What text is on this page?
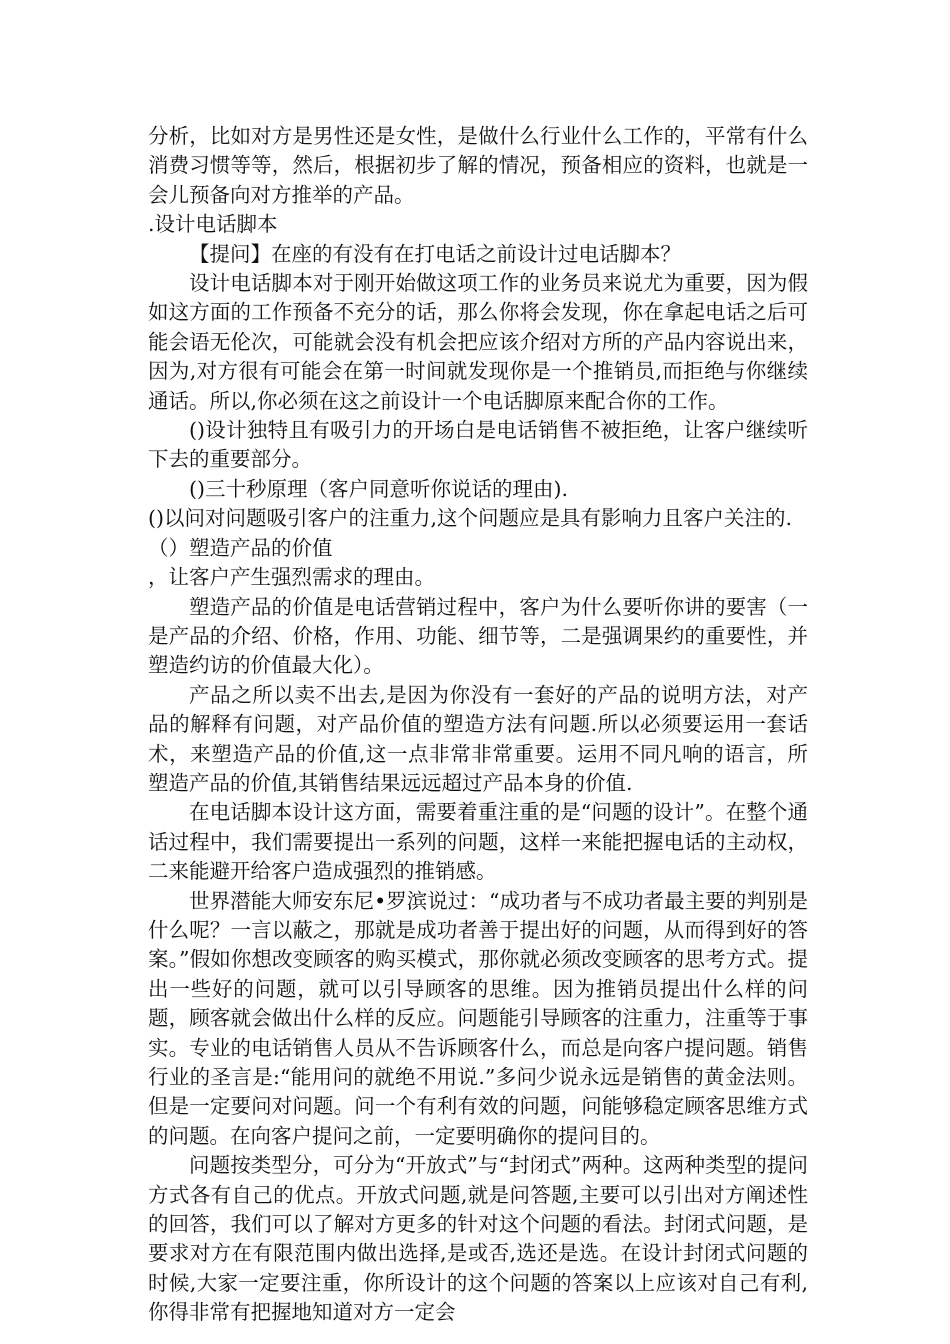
分析，比如对方是男性还是女性，是做什么行业什么工作的，平常有什么消费习惯等等，然后，根据初步了解的情况，预备相应的资料，也就是一会儿预备向对方推举的产品。

.设计电话脚本

【提问】在座的有没有在打电话之前设计过电话脚本？

设计电话脚本对于刚开始做这项工作的业务员来说尤为重要，因为假如这方面的工作预备不充分的话，那么你将会发现，你在拿起电话之后可能会语无伦次，可能就会没有机会把应该介绍对方所的产品内容说出来，因为,对方很有可能会在第一时间就发现你是一个推销员,而拒绝与你继续通话。所以,你必须在这之前设计一个电话脚原来配合你的工作。

()设计独特且有吸引力的开场白是电话销售不被拒绝，让客户继续听下去的重要部分。

()三十秒原理（客户同意听你说话的理由).

()以问对问题吸引客户的注重力,这个问题应是具有影响力且客户关注的.

（）塑造产品的价值

，让客户产生强烈需求的理由。

塑造产品的价值是电话营销过程中，客户为什么要听你讲的要害（一是产品的介绍、价格，作用、功能、细节等，二是强调果约的重要性，并塑造约访的价值最大化）。

产品之所以卖不出去,是因为你没有一套好的产品的说明方法，对产品的解释有问题，对产品价值的塑造方法有问题.所以必须要运用一套话术，来塑造产品的价值,这一点非常非常重要。运用不同凡响的语言，所塑造产品的价值,其销售结果远远超过产品本身的价值.

在电话脚本设计这方面，需要着重注重的是“问题的设计”。在整个通话过程中，我们需要提出一系列的问题，这样一来能把握电话的主动权，二来能避开给客户造成强烈的推销感。

世界潜能大师安东尼•罗滨说过：“成功者与不成功者最主要的判别是什么呢？一言以蔽之，那就是成功者善于提出好的问题，从而得到好的答案。”假如你想改变顾客的购买模式，那你就必须改变顾客的思考方式。提出一些好的问题，就可以引导顾客的思维。因为推销员提出什么样的问题，顾客就会做出什么样的反应。问题能引导顾客的注重力，注重等于事实。专业的电话销售人员从不告诉顾客什么，而总是向客户提问题。销售行业的圣言是:“能用问的就绝不用说.”多问少说永远是销售的黄金法则。但是一定要问对问题。问一个有利有效的问题，问能够稳定顾客思维方式的问题。在向客户提问之前，一定要明确你的提问目的。

问题按类型分，可分为“开放式”与“封闭式”两种。这两种类型的提问方式各有自己的优点。开放式问题,就是问答题,主要可以引出对方阐述性的回答，我们可以了解对方更多的针对这个问题的看法。封闭式问题，是要求对方在有限范围内做出选择,是或否,选还是选。在设计封闭式问题的时候,大家一定要注重，你所设计的这个问题的答案以上应该对自己有利,你得非常有把握地知道对方一定会
